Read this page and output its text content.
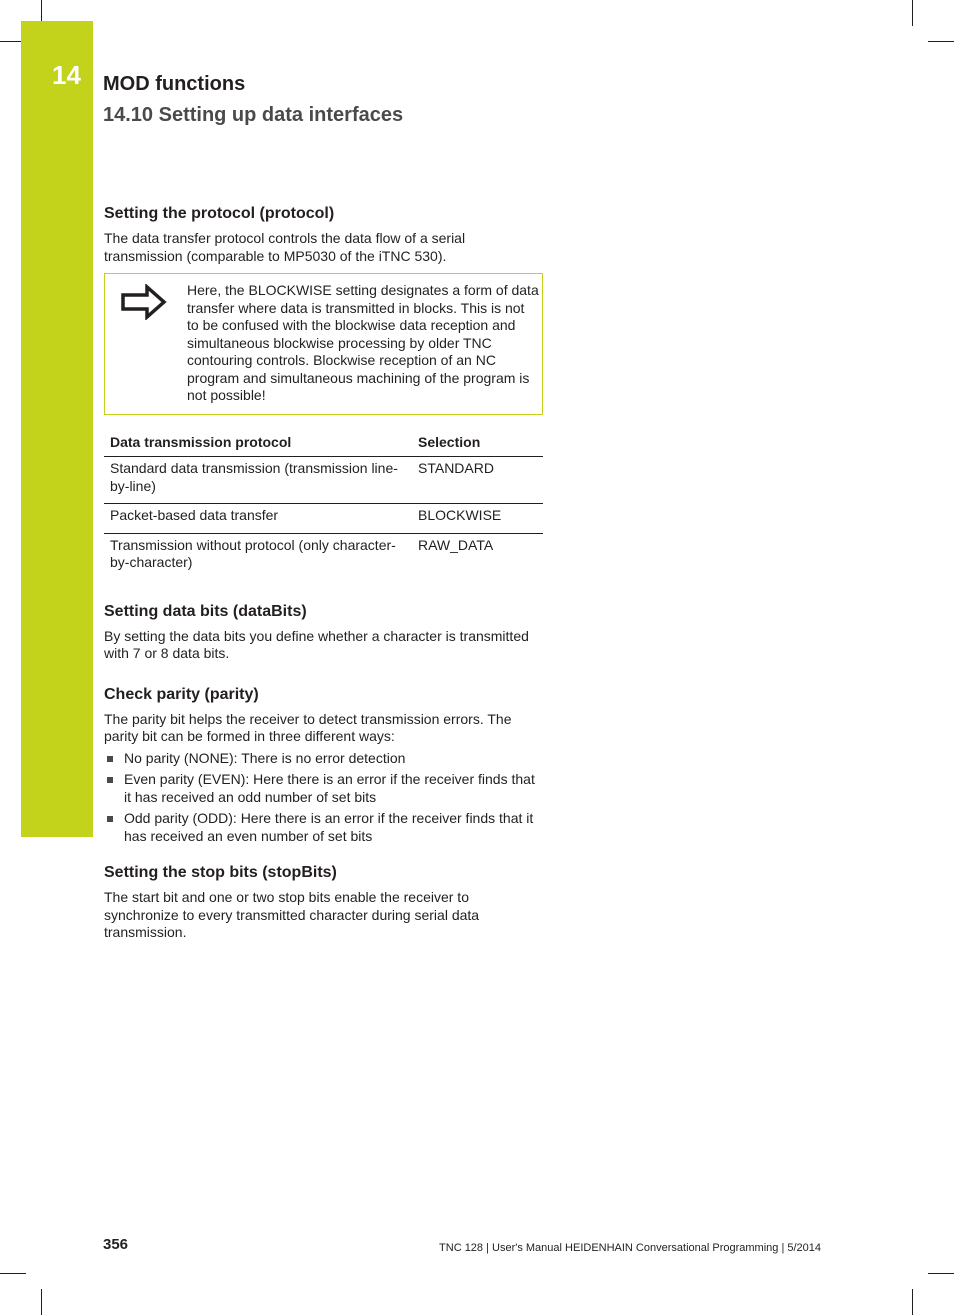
14 MOD functions
14.10 Setting up data interfaces
Setting the protocol (protocol)

The data transfer protocol controls the data flow of a serial transmission (comparable to MP5030 of the iTNC 530).

Here, the BLOCKWISE setting designates a form of data transfer where data is transmitted in blocks. This is not to be confused with the blockwise data reception and simultaneous blockwise processing by older TNC contouring controls. Blockwise reception of an NC program and simultaneous machining of the program is not possible!
Data transmission protocol	Selection
Standard data transmission (transmission line-by-line)	STANDARD
Packet-based data transfer	BLOCKWISE
Transmission without protocol (only character-by-character)	RAW_DATA
Setting data bits (dataBits)

By setting the data bits you define whether a character is transmitted with 7 or 8 data bits.

Check parity (parity)

The parity bit helps the receiver to detect transmission errors. The parity bit can be formed in three different ways:

No parity (NONE): There is no error detection
Even parity (EVEN): Here there is an error if the receiver finds that it has received an odd number of set bits
Odd parity (ODD): Here there is an error if the receiver finds that it has received an even number of set bits
Setting the stop bits (stopBits)

The start bit and one or two stop bits enable the receiver to synchronize to every transmitted character during serial data transmission.

356	TNC 128 | User's Manual HEIDENHAIN Conversational Programming | 5/2014
